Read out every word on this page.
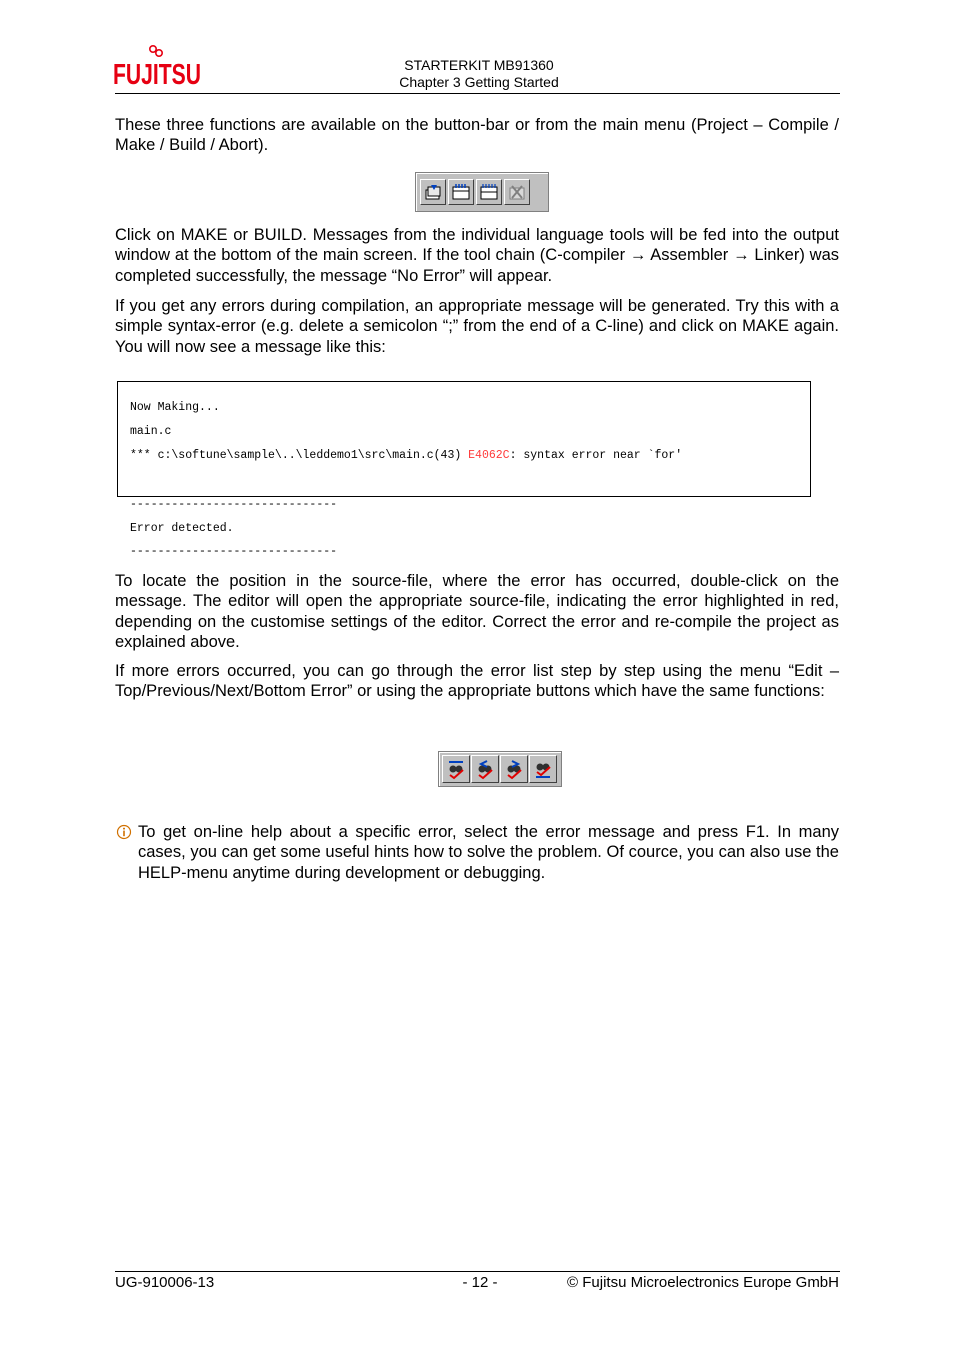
FUJITSU	STARTERKIT MB91360
Chapter 3 Getting Started
These three functions are available on the button-bar or from the main menu (Project – Compile / Make / Build / Abort).
Click on MAKE or BUILD. Messages from the individual language tools will be fed into the output window at the bottom of the main screen. If the tool chain (C-compiler → Assembler → Linker) was completed successfully, the message “No Error” will appear.
If you get any errors during compilation, an appropriate message will be generated. Try this with a simple syntax-error (e.g. delete a semicolon “;” from the end of a C-line) and click on MAKE again. You will now see a message like this:
Now Making...
main.c
*** c:\softune\sample\..\leddemo1\src\main.c(43) E4062C: syntax error near `for'
------------------------------
Error detected.
------------------------------
To locate the position in the source-file, where the error has occurred, double-click on the message. The editor will open the appropriate source-file, indicating the error highlighted in red, depending on the customise settings of the editor. Correct the error and re-compile the project as explained above.
If more errors occurred, you can go through the error list step by step using the menu “Edit – Top/Previous/Next/Bottom Error” or using the appropriate buttons which have the same functions:
To get on-line help about a specific error, select the error message and press F1. In many cases, you can get some useful hints how to solve the problem. Of cource, you can also use the HELP-menu anytime during development or debugging.
UG-910006-13	- 12 -	© Fujitsu Microelectronics Europe GmbH
